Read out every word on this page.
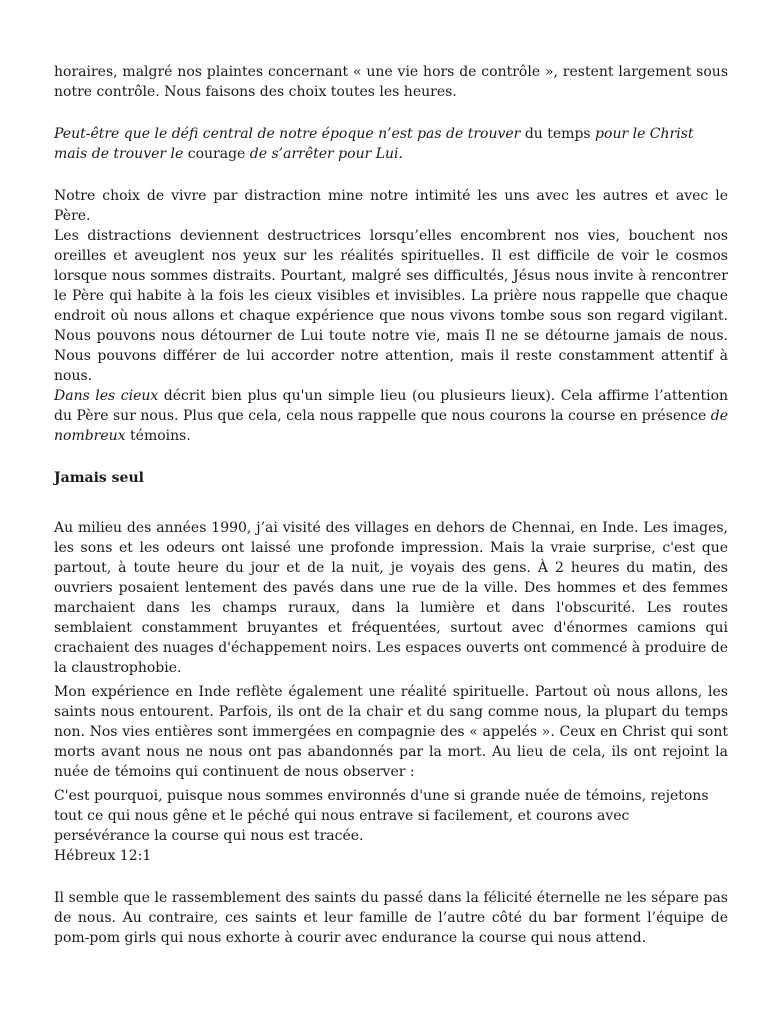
horaires, malgré nos plaintes concernant « une vie hors de contrôle », restent largement sous notre contrôle. Nous faisons des choix toutes les heures.

Peut-être que le défi central de notre époque n’est pas de trouver du temps pour le Christ
mais de trouver le courage de s’arrêter pour Lui.

Notre choix de vivre par distraction mine notre intimité les uns avec les autres et avec le Père.

Les distractions deviennent destructrices lorsqu’elles encombrent nos vies, bouchent nos oreilles et aveuglent nos yeux sur les réalités spirituelles. Il est difficile de voir le cosmos lorsque nous sommes distraits. Pourtant, malgré ses difficultés, Jésus nous invite à rencontrer le Père qui habite à la fois les cieux visibles et invisibles. La prière nous rappelle que chaque endroit où nous allons et chaque expérience que nous vivons tombe sous son regard vigilant. Nous pouvons nous détourner de Lui toute notre vie, mais Il ne se détourne jamais de nous. Nous pouvons différer de lui accorder notre attention, mais il reste constamment attentif à nous.

Dans les cieux décrit bien plus qu'un simple lieu (ou plusieurs lieux). Cela affirme l’attention du Père sur nous. Plus que cela, cela nous rappelle que nous courons la course en présence de nombreux témoins.

Jamais seul

Au milieu des années 1990, j’ai visité des villages en dehors de Chennai, en Inde. Les images, les sons et les odeurs ont laissé une profonde impression. Mais la vraie surprise, c'est que partout, à toute heure du jour et de la nuit, je voyais des gens. À 2 heures du matin, des ouvriers posaient lentement des pavés dans une rue de la ville. Des hommes et des femmes marchaient dans les champs ruraux, dans la lumière et dans l'obscurité. Les routes semblaient constamment bruyantes et fréquentées, surtout avec d'énormes camions qui crachaient des nuages d'échappement noirs. Les espaces ouverts ont commencé à produire de la claustrophobie.

Mon expérience en Inde reflète également une réalité spirituelle. Partout où nous allons, les saints nous entourent. Parfois, ils ont de la chair et du sang comme nous, la plupart du temps non. Nos vies entières sont immergées en compagnie des « appelés ». Ceux en Christ qui sont morts avant nous ne nous ont pas abandonnés par la mort. Au lieu de cela, ils ont rejoint la nuée de témoins qui continuent de nous observer :

C'est pourquoi, puisque nous sommes environnés d'une si grande nuée de témoins, rejetons tout ce qui nous gêne et le péché qui nous entrave si facilement, et courons avec persévérance la course qui nous est tracée.

Hébreux 12:1

Il semble que le rassemblement des saints du passé dans la félicité éternelle ne les sépare pas de nous. Au contraire, ces saints et leur famille de l’autre côté du bar forment l’équipe de pom-pom girls qui nous exhorte à courir avec endurance la course qui nous attend.
